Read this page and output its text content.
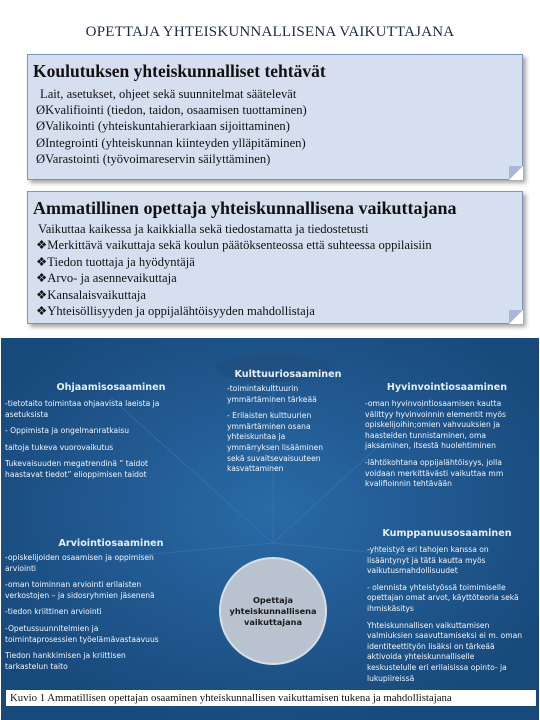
OPETTAJA YHTEISKUNNALLISENA VAIKUTTAJANA
Koulutuksen yhteiskunnalliset tehtävät
Lait, asetukset, ohjeet sekä suunnitelmat säätelevät
ØKvalifiointi (tiedon, taidon, osaamisen tuottaminen)
ØValikointi (yhteiskuntahierarkiaan sijoittaminen)
ØIntegrointi (yhteiskunnan kiinteyden ylläpitäminen)
ØVarastointi (työvoimareservin säilyttäminen)
Ammatillinen opettaja yhteiskunnallisena vaikuttajana
Vaikuttaa kaikessa ja kaikkialla sekä tiedostamatta ja tiedostetusti
❖Merkittävä vaikuttaja sekä koulun päätöksenteossa että suhteessa oppilaisiin
❖Tiedon tuottaja ja hyödyntäjä
❖Arvo- ja asennevaikuttaja
❖Kansalaisvaikuttaja
❖Yhteisöllisyyden ja oppijalähtöisyyden mahdollistaja
Ohjaamisosaaminen
-tietotaito toimintaa ohjaavista laeista ja
asetuksista
- Oppimista ja ongelmanratkaisu
taitoja tukeva vuorovaikutus
Tukevaisuuden megatrendinä ” taidot
haastavat tiedot” elioppimisen taidot
Kulttuuriosaaminen
-toimintakulttuurin
ymmärtäminen tärkeää
- Erilaisten kulttuurien
ymmärtäminen osana
yhteiskuntaa ja
ymmärryksen lisääminen
sekä suvaitsevaisuuteen
kasvattaminen
Hyvinvointiosaaminen
-oman hyvinvointiosaamisen kautta
välittyy hyvinvoinnin elementit myös
opiskelijoihin;omien vahvuuksien ja
haasteiden tunnistaminen, oma
jaksaminen, itsestä huolehtiminen
-lähtökohtana oppijalähtöisyys, jolla
voidaan merkittävästi vaikuttaa mm
kvalifioinnin tehtävään
Arviointiosaaminen
-opiskelijoiden osaamisen ja oppimisen
arviointi
-oman toiminnan arviointi erilaisten
verkostojen – ja sidosryhmien jäsenenä
-tiedon kriittinen arviointi
-Opetussuunnitelmien ja
toimintaprosessien työelämävastaavuus
Tiedon hankkimisen ja kriittisen
tarkastelun taito
Kumppanuusosaaminen
-yhteistyö eri tahojen kanssa on
lisääntynyt ja tätä kautta myös
vaikutusmahdollisuudet
- olennista yhteistyössä toimimiselle
opettajan omat arvot, käyttöteoria sekä
ihmiskäsitys
Yhteiskunnallisen vaikuttamisen
valmiuksien saavuttamiseksi ei m. oman
identiteettityön lisäksi on tärkeää
aktivoida yhteiskunnalliselle
keskustelulle eri erilaisissa opinto- ja
lukupiireissä
Opettaja
yhteiskunnallisena
vaikuttajana
Kuvio 1 Ammatillisen opettajan osaaminen yhteiskunnallisen vaikuttamisen tukena ja mahdollistajana
